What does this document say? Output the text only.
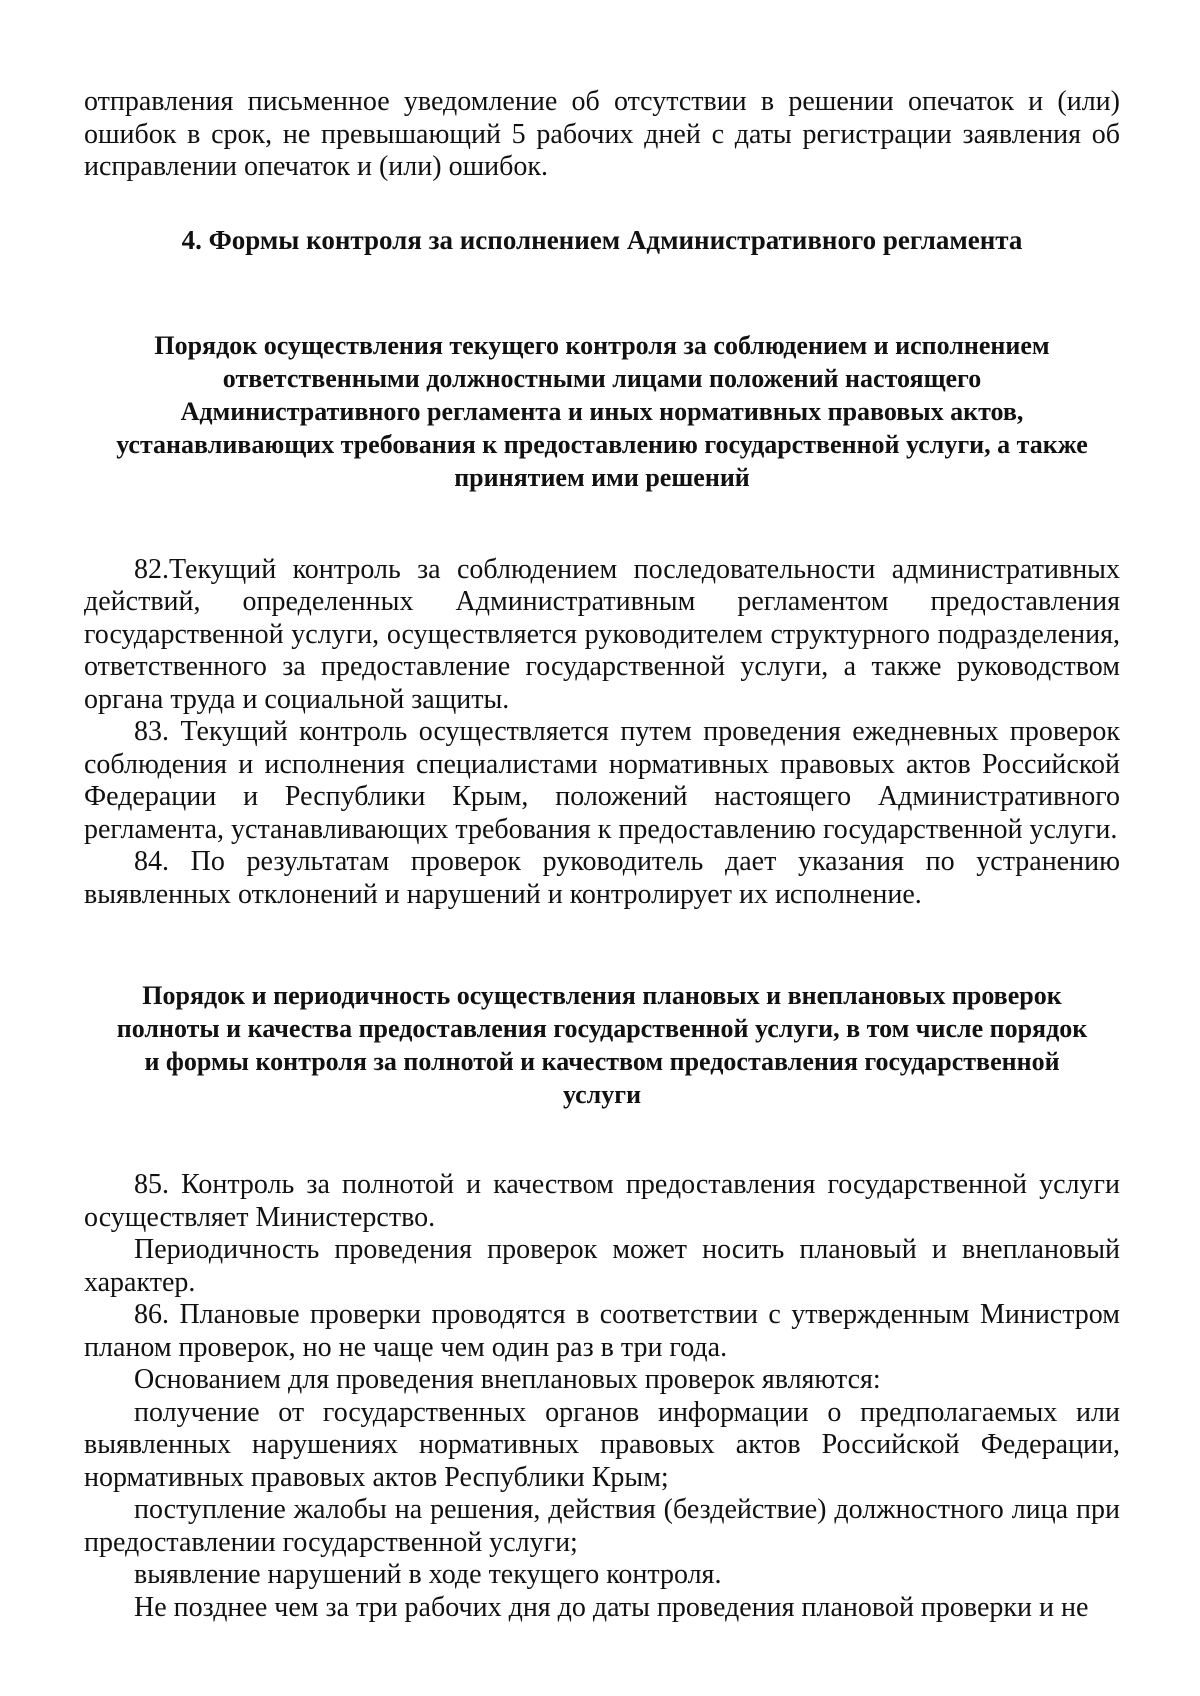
отправления письменное уведомление об отсутствии в решении опечаток и (или) ошибок в срок, не превышающий 5 рабочих дней с даты регистрации заявления об исправлении опечаток и (или) ошибок.

4. Формы контроля за исполнением Административного регламента

Порядок осуществления текущего контроля за соблюдением и исполнением ответственными должностными лицами положений настоящего Административного регламента и иных нормативных правовых актов, устанавливающих требования к предоставлению государственной услуги, а также принятием ими решений

82.Текущий контроль за соблюдением последовательности административных действий, определенных Административным регламентом предоставления государственной услуги, осуществляется руководителем структурного подразделения, ответственного за предоставление государственной услуги, а также руководством органа труда и социальной защиты.

83. Текущий контроль осуществляется путем проведения ежедневных проверок соблюдения и исполнения специалистами нормативных правовых актов Российской Федерации и Республики Крым, положений настоящего Административного регламента, устанавливающих требования к предоставлению государственной услуги.

84. По результатам проверок руководитель дает указания по устранению выявленных отклонений и нарушений и контролирует их исполнение.

Порядок и периодичность осуществления плановых и внеплановых проверок полноты и качества предоставления государственной услуги, в том числе порядок и формы контроля за полнотой и качеством предоставления государственной услуги

85. Контроль за полнотой и качеством предоставления государственной услуги осуществляет Министерство.

Периодичность проведения проверок может носить плановый и внеплановый характер.

86. Плановые проверки проводятся в соответствии с утвержденным Министром планом проверок, но не чаще чем один раз в три года.

Основанием для проведения внеплановых проверок являются:

получение от государственных органов информации о предполагаемых или выявленных нарушениях нормативных правовых актов Российской Федерации, нормативных правовых актов Республики Крым;

поступление жалобы на решения, действия (бездействие) должностного лица при предоставлении государственной услуги;

выявление нарушений в ходе текущего контроля.

Не позднее чем за три рабочих дня до даты проведения плановой проверки и не
